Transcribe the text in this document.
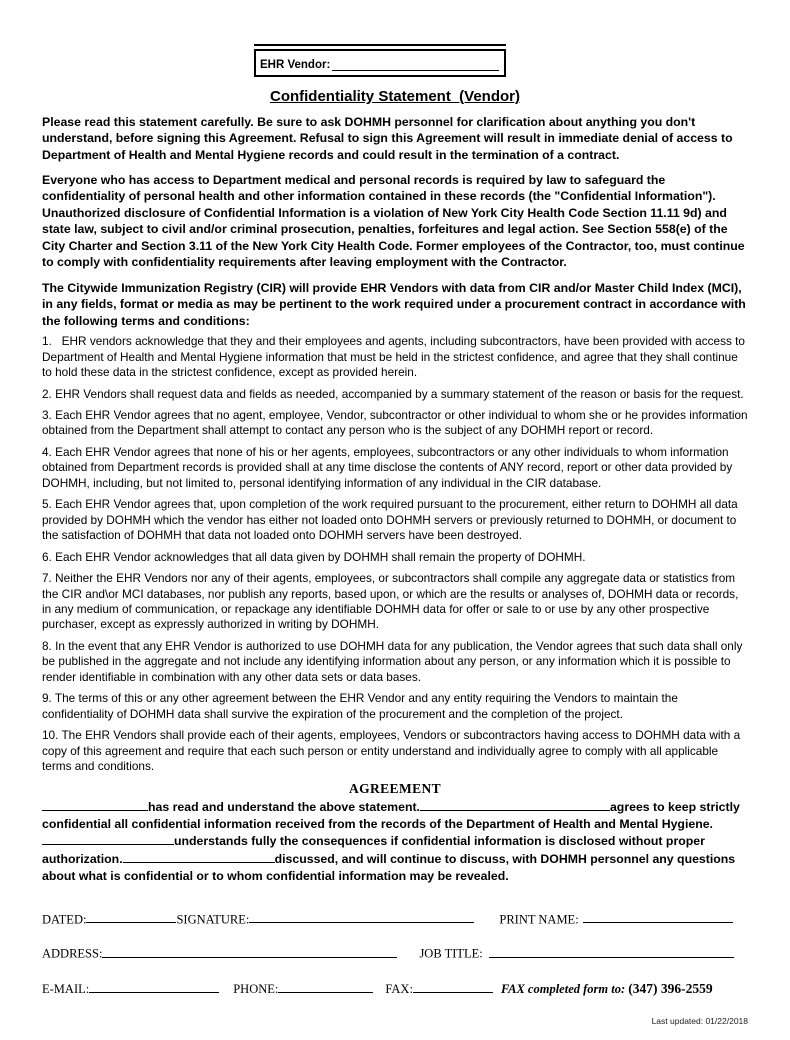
EHR Vendor:
Confidentiality Statement  (Vendor)

Please read this statement carefully. Be sure to ask DOHMH personnel for clarification about anything you don't understand, before signing this Agreement. Refusal to sign this Agreement will result in immediate denial of access to Department of Health and Mental Hygiene records and could result in the termination of a contract.

Everyone who has access to Department medical and personal records is required by law to safeguard the confidentiality of personal health and other information contained in these records (the "Confidential Information"). Unauthorized disclosure of Confidential Information is a violation of New York City Health Code Section 11.11 9d) and state law, subject to civil and/or criminal prosecution, penalties, forfeitures and legal action. See Section 558(e) of the City Charter and Section 3.11 of the New York City Health Code. Former employees of the Contractor, too, must continue to comply with confidentiality requirements after leaving employment with the Contractor.

The Citywide Immunization Registry (CIR) will provide EHR Vendors with data from CIR and/or Master Child Index (MCI), in any fields, format or media as may be pertinent to the work required under a procurement contract in accordance with the following terms and conditions:

1.   EHR vendors acknowledge that they and their employees and agents, including subcontractors, have been provided with access to Department of Health and Mental Hygiene information that must be held in the strictest confidence, and agree that they shall continue to hold these data in the strictest confidence, except as provided herein.

2. EHR Vendors shall request data and fields as needed, accompanied by a summary statement of the reason or basis for the request.

3. Each EHR Vendor agrees that no agent, employee, Vendor, subcontractor or other individual to whom she or he provides information obtained from the Department shall attempt to contact any person who is the subject of any DOHMH report or record.

4. Each EHR Vendor agrees that none of his or her agents, employees, subcontractors or any other individuals to whom information obtained from Department records is provided shall at any time disclose the contents of ANY record, report or other data provided by DOHMH, including, but not limited to, personal identifying information of any individual in the CIR database.

5. Each EHR Vendor agrees that, upon completion of the work required pursuant to the procurement, either return to DOHMH all data provided by DOHMH which the vendor has either not loaded onto DOHMH servers or previously returned to DOHMH, or document to the satisfaction of DOHMH that data not loaded onto DOHMH servers have been destroyed.

6. Each EHR Vendor acknowledges that all data given by DOHMH shall remain the property of DOHMH.

7. Neither the EHR Vendors nor any of their agents, employees, or subcontractors shall compile any aggregate data or statistics from the CIR and\or MCI databases, nor publish any reports, based upon, or which are the results or analyses of, DOHMH data or records, in any medium of communication, or repackage any identifiable DOHMH data for offer or sale to or use by any other prospective purchaser, except as expressly authorized in writing by DOHMH.

8. In the event that any EHR Vendor is authorized to use DOHMH data for any publication, the Vendor agrees that such data shall only be published in the aggregate and not include any identifying information about any person, or any information which it is possible to render identifiable in combination with any other data sets or data bases.

9. The terms of this or any other agreement between the EHR Vendor and any entity requiring the Vendors to maintain the confidentiality of DOHMH data shall survive the expiration of the procurement and the completion of the project.

10. The EHR Vendors shall provide each of their agents, employees, Vendors or subcontractors having access to DOHMH data with a copy of this agreement and require that each such person or entity understand and individually agree to comply with all applicable terms and conditions.

AGREEMENT

has read and understand the above statement.	agrees to keep strictly confidential all confidential information received from the records of the Department of Health and Mental Hygiene.understands fully the consequences if confidential information is disclosed without proper authorization.	discussed, and will continue to discuss, with DOHMH personnel any questions about what is confidential or to whom confidential information may be revealed.

DATED:	SIGNATURE:	PRINT NAME:
ADDRESS:	JOB TITLE:
E-MAIL:	PHONE:	FAX:	FAX completed form to: (347) 396-2559
Last updated: 01/22/2018
